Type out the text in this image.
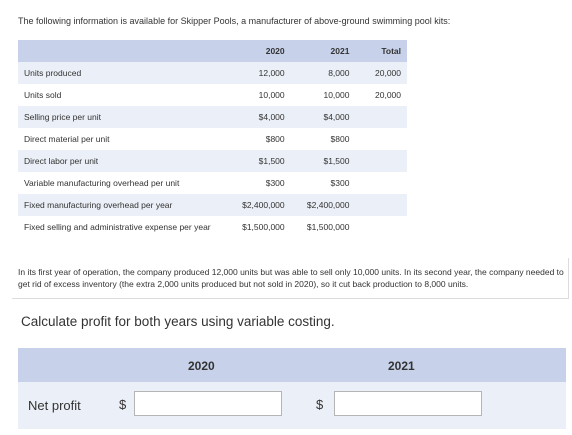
The following information is available for Skipper Pools, a manufacturer of above-ground swimming pool kits:
	2020	2021	Total
Units produced	12,000	8,000	20,000
Units sold	10,000	10,000	20,000
Selling price per unit	$4,000	$4,000	
Direct material per unit	$800	$800	
Direct labor per unit	$1,500	$1,500	
Variable manufacturing overhead per unit	$300	$300	
Fixed manufacturing overhead per year	$2,400,000	$2,400,000	
Fixed selling and administrative expense per year	$1,500,000	$1,500,000	
In its first year of operation, the company produced 12,000 units but was able to sell only 10,000 units. In its second year, the company needed to get rid of excess inventory (the extra 2,000 units produced but not sold in 2020), so it cut back production to 8,000 units.
Calculate profit for both years using variable costing.
2020	2021
Net profit	$	$
